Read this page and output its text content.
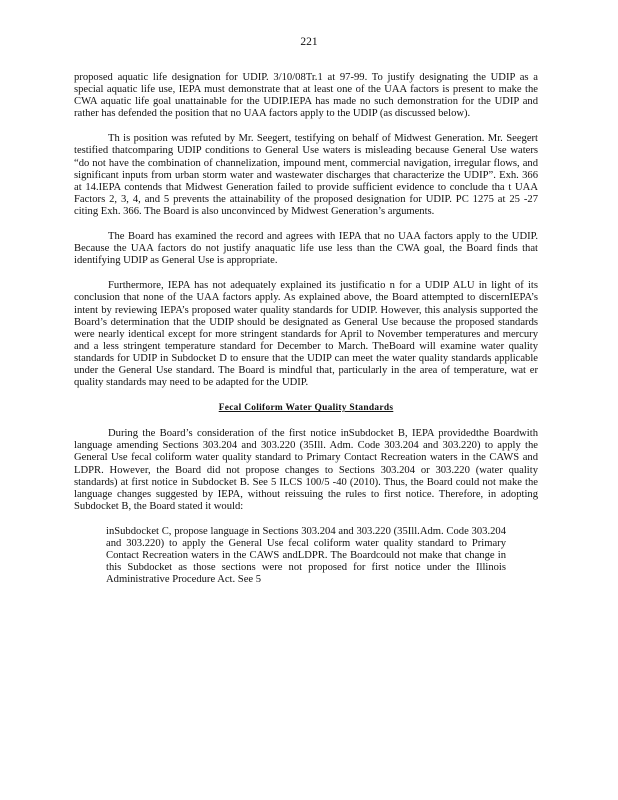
221

proposed aquatic life designation for UDIP. 3/10/08Tr.1 at 97-99. To justify designating the UDIP as a special aquatic life use, IEPA must demonstrate that at least one of the UAA factors is present to make the CWA aquatic life goal unattainable for the UDIP.IEPA has made no such demonstration for the UDIP and rather has defended the position that no UAA factors apply to the UDIP (as discussed below).

Th is position was refuted by Mr. Seegert, testifying on behalf of Midwest Generation. Mr. Seegert testified thatcomparing UDIP conditions to General Use waters is misleading because General Use waters “do not have the combination of channelization, impound ment, commercial navigation, irregular flows, and significant inputs from urban storm water and wastewater discharges that characterize the UDIP”. Exh. 366 at 14.IEPA contends that Midwest Generation failed to provide sufficient evidence to conclude tha t UAA Factors 2, 3, 4, and 5 prevents the attainability of the proposed designation for UDIP. PC 1275 at 25 -27 citing Exh. 366. The Board is also unconvinced by Midwest Generation’s arguments.

The Board has examined the record and agrees with IEPA that no UAA factors apply to the UDIP. Because the UAA factors do not justify anaquatic life use less than the CWA goal, the Board finds that identifying UDIP as General Use is appropriate.

Furthermore, IEPA has not adequately explained its justificatio n for a UDIP ALU in light of its conclusion that none of the UAA factors apply. As explained above, the Board attempted to discernIEPA’s intent by reviewing IEPA’s proposed water quality standards for UDIP. However, this analysis supported the Board’s determination that the UDIP should be designated as General Use because the proposed standards were nearly identical except for more stringent standards for April to November temperatures and mercury and a less stringent temperature standard for December to March. TheBoard will examine water quality standards for UDIP in Subdocket D to ensure that the UDIP can meet the water quality standards applicable under the General Use standard. The Board is mindful that, particularly in the area of temperature, wat er quality standards may need to be adapted for the UDIP.

Fecal Coliform Water Quality Standards

During the Board’s consideration of the first notice inSubdocket B, IEPA providedthe Boardwith language amending Sections 303.204 and 303.220 (35Ill. Adm. Code 303.204 and 303.220) to apply the General Use fecal coliform water quality standard to Primary Contact Recreation waters in the CAWS and LDPR. However, the Board did not propose changes to Sections 303.204 or 303.220 (water quality standards) at first notice in Subdocket B. See 5 ILCS 100/5 -40 (2010). Thus, the Board could not make the language changes suggested by IEPA, without reissuing the rules to first notice. Therefore, in adopting Subdocket B, the Board stated it would:

inSubdocket C, propose language in Sections 303.204 and 303.220 (35Ill.Adm. Code 303.204 and 303.220) to apply the General Use fecal coliform water quality standard to Primary Contact Recreation waters in the CAWS andLDPR. The Boardcould not make that change in this Subdocket as those sections were not proposed for first notice under the Illinois Administrative Procedure Act. See 5
